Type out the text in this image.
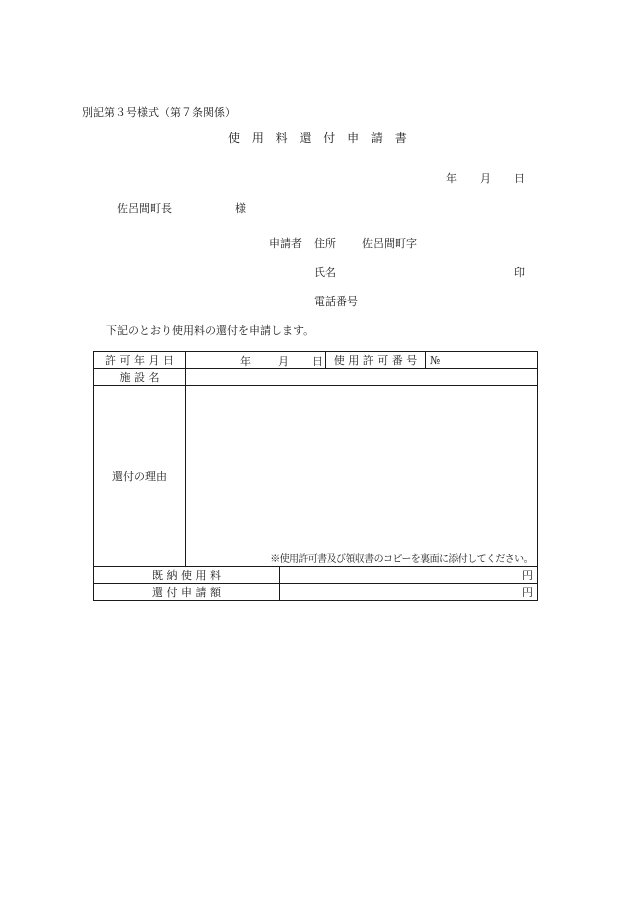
別記第３号様式（第７条関係）
使 用 料 還 付 申 請 書
年 月 日
佐呂間町長	様
申請者 住所 佐呂間町字
氏名	印
電話番号
下記のとおり使用料の還付を申請します。
許 可 年 月 日	年 月 日		使 用 許 可 番 号	№
施 設 名				
還付の理由	※使用許可書及び領収書のコピーを裏面に添付してください。			
既 納 使 用 料		円		
還 付 申 請 額		円		
